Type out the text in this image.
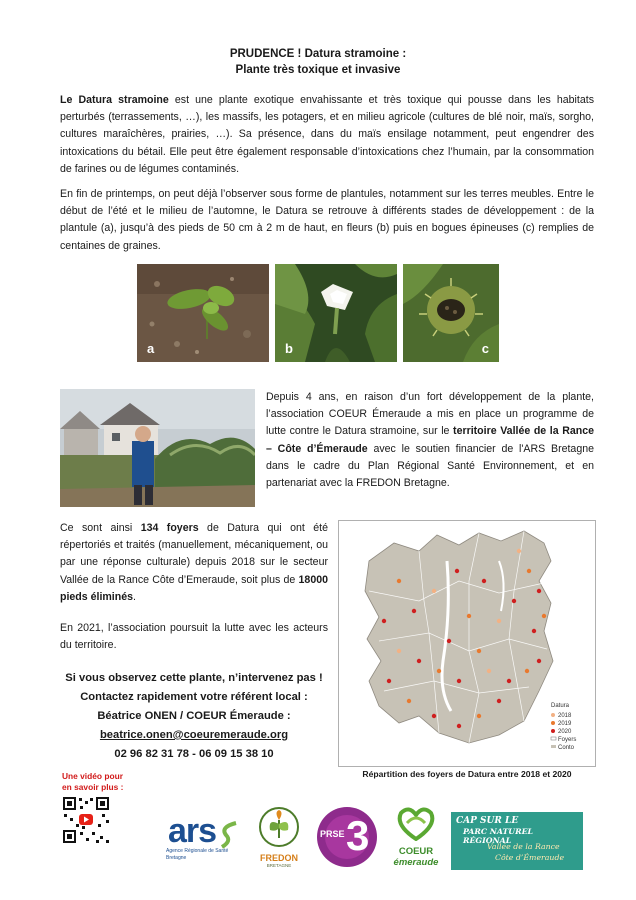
PRUDENCE ! Datura stramoine :
Plante très toxique et invasive
Le Datura stramoine est une plante exotique envahissante et très toxique qui pousse dans les habitats perturbés (terrassements, …), les massifs, les potagers, et en milieu agricole (cultures de blé noir, maïs, sorgho, cultures maraîchères, prairies, …). Sa présence, dans du maïs ensilage notamment, peut engendrer des intoxications du bétail. Elle peut être également responsable d’intoxications chez l’humain, par la consommation de farines ou de légumes contaminés.
En fin de printemps, on peut déjà l’observer sous forme de plantules, notamment sur les terres meubles. Entre le début de l’été et le milieu de l’automne, le Datura se retrouve à différents stades de développement : de la plantule (a), jusqu’à des pieds de 50 cm à 2 m de haut, en fleurs (b) puis en bogues épineuses (c) remplies de centaines de graines.
a	b	c
Depuis 4 ans, en raison d’un fort développement de la plante, l’association COEUR Émeraude a mis en place un programme de lutte contre le Datura stramoine, sur le territoire Vallée de la Rance – Côte d’Émeraude avec le soutien financier de l'ARS Bretagne dans le cadre du Plan Régional Santé Environnement, et en partenariat avec la FREDON Bretagne.
Ce sont ainsi 134 foyers de Datura qui ont été répertoriés et traités (manuellement, mécaniquement, ou par une réponse culturale) depuis 2018 sur le secteur Vallée de la Rance Côte d’Emeraude, soit plus de 18000 pieds éliminés.
En 2021, l’association poursuit la lutte avec les acteurs du territoire.
Datura
2018
2019
2020
Foyers
Conto
Répartition des foyers de Datura entre 2018 et 2020
Si vous observez cette plante, n’intervenez pas !
Contactez rapidement votre référent local :
Béatrice ONEN / COEUR Émeraude :
beatrice.onen@coeuremeraude.org
02 96 82 31 78 - 06 09 15 38 10
Une vidéo pour
en savoir plus :
ars
Agence Régionale de Santé
Bretagne	FREDON
BRETAGNE
PRSE 3	COEUR
émeraude
CAP SUR LE
PARC NATUREL RÉGIONAL
Vallée de la Rance
Côte d’Émeraude
